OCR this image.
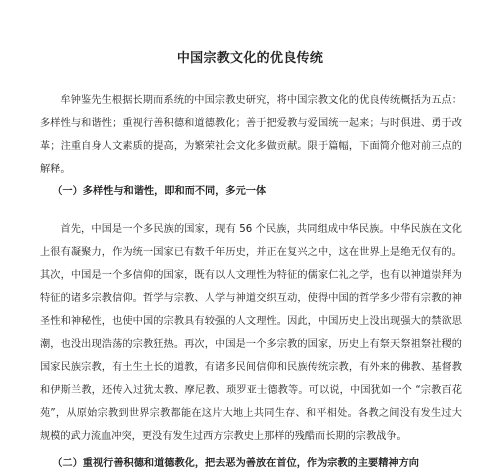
中国宗教文化的优良传统
牟钟鉴先生根据长期而系统的中国宗教史研究，将中国宗教文化的优良传统概括为五点：多样性与和谐性；重视行善积德和道德教化；善于把爱教与爱国统一起来；与时俱进、勇于改革；注重自身人文素质的提高，为繁荣社会文化多做贡献。限于篇幅，下面简介他对前三点的解释。
（一）多样性与和谐性，即和而不同，多元一体
首先，中国是一个多民族的国家，现有 56 个民族，共同组成中华民族。中华民族在文化上很有凝聚力，作为统一国家已有数千年历史，并正在复兴之中，这在世界上是绝无仅有的。其次，中国是一个多信仰的国家，既有以人文理性为特征的儒家仁礼之学，也有以神道崇拜为特征的诸多宗教信仰。哲学与宗教、人学与神道交织互动，使得中国的哲学多少带有宗教的神圣性和神秘性，也使中国的宗教具有较强的人文理性。因此，中国历史上没出现强大的禁欲思潮，也没出现浩荡的宗教狂热。再次，中国是一个多宗教的国家，历史上有祭天祭祖祭社稷的国家民族宗教，有土生土长的道教，有诸多民间信仰和民族传统宗教，有外来的佛教、基督教和伊斯兰教，还传入过犹太教、摩尼教、琐罗亚士德教等。可以说，中国犹如一个 “宗教百花苑”，从原始宗教到世界宗教都能在这片大地上共同生存、和平相处。各教之间没有发生过大规模的武力流血冲突，更没有发生过西方宗教史上那样的残酷而长期的宗教战争。
（二）重视行善积德和道德教化，把去恶为善放在首位，作为宗教的主要精神方向
